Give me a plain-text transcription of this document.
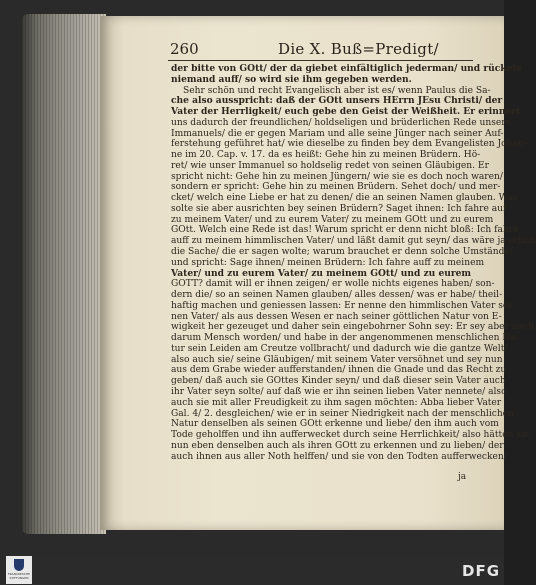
260	Die X. Buß=Predigt/
der bitte von GOtt/ der da giebet einfältiglich jederman/ und rückets
niemand auff/ so wird sie ihm gegeben werden.
Sehr schön und recht Evangelisch aber ist es/ wenn Paulus die Sa-
che also ausspricht: daß der GOtt unsers HErrn JEsu Christi/ der
Vater der Herrligkeit/ euch gebe den Geist der Weißheit. Er erinnert
uns dadurch der freundlichen/ holdseligen und brüderlichen Rede unsers
Immanuels/ die er gegen Mariam und alle seine Jünger nach seiner Auf-
ferstehung geführet hat/ wie dieselbe zu finden bey dem Evangelisten Johan-
ne im 20. Cap. v. 17. da es heißt: Gehe hin zu meinen Brüdern. Hö-
ret/ wie unser Immanuel so holdselig redet von seinen Gläubigen. Er
spricht nicht: Gehe hin zu meinen Jüngern/ wie sie es doch noch waren/
sondern er spricht: Gehe hin zu meinen Brüdern. Sehet doch/ und mer-
cket/ welch eine Liebe er hat zu denen/ die an seinen Namen glauben. Was
solte sie aber ausrichten bey seinen Brüdern? Saget ihnen: Ich fahre auf
zu meinem Vater/ und zu eurem Vater/ zu meinem GOtt und zu eurem
GOtt. Welch eine Rede ist das! Warum spricht er denn nicht bloß: Ich fahre
auff zu meinem himmlischen Vater/ und läßt damit gut seyn/ das wäre ja schon
die Sache/ die er sagen wolte; warum brauchet er denn solche Umstände/
und spricht: Sage ihnen/ meinen Brüdern: Ich fahre auff zu meinem
Vater/ und zu eurem Vater/ zu meinem GOtt/ und zu eurem
GOTT? damit will er ihnen zeigen/ er wolle nichts eigenes haben/ son-
dern die/ so an seinen Namen glauben/ alles dessen/ was er habe/ theil-
haftig machen und geniessen lassen: Er nenne den himmlischen Vater sei-
nen Vater/ als aus dessen Wesen er nach seiner göttlichen Natur von E-
wigkeit her gezeuget und daher sein eingebohrner Sohn sey: Er sey aber auch
darum Mensch worden/ und habe in der angenommenen menschlichen Na-
tur sein Leiden am Creutze vollbracht/ und dadurch wie die gantze Welt/
also auch sie/ seine Gläubigen/ mit seinem Vater versöhnet und sey nun
aus dem Grabe wieder aufferstanden/ ihnen die Gnade und das Recht zu
geben/ daß auch sie GOttes Kinder seyn/ und daß dieser sein Vater auch
ihr Vater seyn solte/ auf daß wie er ihn seinen lieben Vater nennete/ also
auch sie mit aller Freudigkeit zu ihm sagen möchten: Abba lieber Vater
Gal. 4/ 2. desgleichen/ wie er in seiner Niedrigkeit nach der menschlichen
Natur denselben als seinen GOtt erkenne und liebe/ den ihm auch vom
Tode geholffen und ihn aufferwecket durch seine Herrlichkeit/ also hätten sie
nun eben denselben auch als ihren GOtt zu erkennen und zu lieben/ der
auch ihnen aus aller Noth helffen/ und sie von den Todten aufferwecken/
ja
FRANCKESCHE STIFTUNGEN	DFG
